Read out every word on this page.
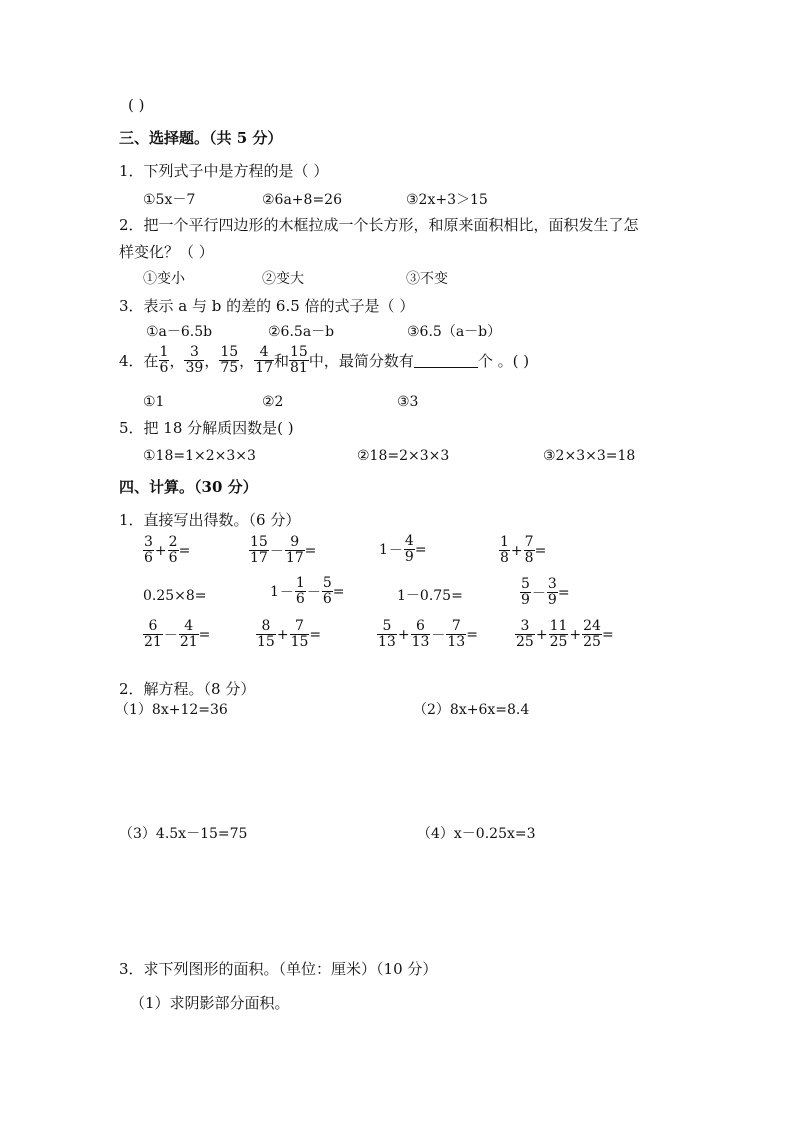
( )
三、选择题。（共 5 分）
1．下列式子中是方程的是（ ）
①5x－7	②6a+8=26	③2x+3＞15
2．把一个平行四边形的木框拉成一个长方形，和原来面积相比，面积发生了怎
样变化？（ ）
①变小	②变大	③不变
3．表示 a 与 b 的差的 6.5 倍的式子是（ ）
①a－6.5b	②6.5a－b	③6.5（a－b）
4．在 $\frac{1}{6}$ ， $\frac{3}{39}$ ， $\frac{15}{75}$ ， $\frac{4}{17}$ 和 $\frac{15}{81}$ 中，最简分数有	个 。( )
①1	②2	③3
5．把 18 分解质因数是( )
①18=1×2×3×3	②18=2×3×3	③2×3×3=18
四、计算。（30 分）
1．直接写出得数。（6 分）
$\frac{3}{6} + \frac{2}{6}$ =	$\frac{15}{17} - \frac{9}{17}$ =	$1 - \frac{4}{9}$ =	$\frac{1}{8} + \frac{7}{8}$ =
0.25×8=	$1 - \frac{1}{6} - \frac{5}{6}$ =	1－0.75=	$\frac{5}{9} - \frac{3}{9}$ =
$\frac{6}{21} - \frac{4}{21}$ =	$\frac{8}{15} + \frac{7}{15}$ =	$\frac{5}{13} + \frac{6}{13} - \frac{7}{13}$ =	$\frac{3}{25} + \frac{11}{25} + \frac{24}{25}$ =
2．解方程。（8 分）
（1）8x+12=36	（2）8x+6x=8.4
（3）4.5x－15=75	（4）x－0.25x=3
3．求下列图形的面积。（单位：厘米）（10 分）
（1）求阴影部分面积。
